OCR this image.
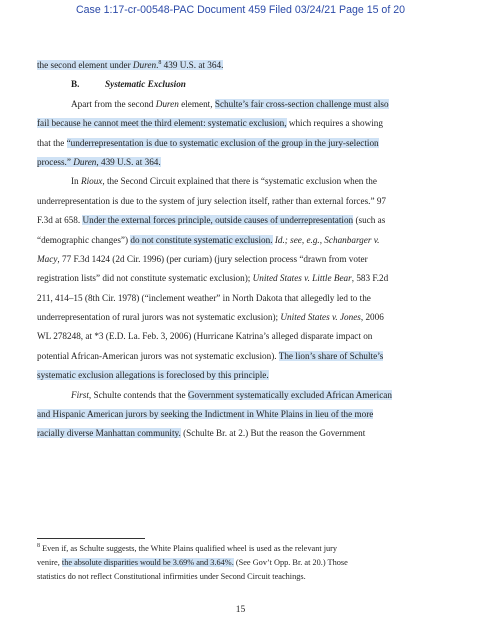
Case 1:17-cr-00548-PAC Document 459 Filed 03/24/21 Page 15 of 20
the second element under Duren.$^8$ 439 U.S. at 364.
B.	Systematic Exclusion
Apart from the second Duren element, Schulte’s fair cross-section challenge must also
fail because he cannot meet the third element: systematic exclusion, which requires a showing
that the “underrepresentation is due to systematic exclusion of the group in the jury-selection
process.” Duren, 439 U.S. at 364.
In Rioux, the Second Circuit explained that there is “systematic exclusion when the
underrepresentation is due to the system of jury selection itself, rather than external forces.” 97
F.3d at 658. Under the external forces principle, outside causes of underrepresentation (such as
“demographic changes”) do not constitute systematic exclusion. Id.; see, e.g., Schanbarger v.
Macy, 77 F.3d 1424 (2d Cir. 1996) (per curiam) (jury selection process “drawn from voter
registration lists” did not constitute systematic exclusion); United States v. Little Bear, 583 F.2d
211, 414–15 (8th Cir. 1978) (“inclement weather” in North Dakota that allegedly led to the
underrepresentation of rural jurors was not systematic exclusion); United States v. Jones, 2006
WL 278248, at *3 (E.D. La. Feb. 3, 2006) (Hurricane Katrina’s alleged disparate impact on
potential African-American jurors was not systematic exclusion). The lion’s share of Schulte’s
systematic exclusion allegations is foreclosed by this principle.
First, Schulte contends that the Government systematically excluded African American
and Hispanic American jurors by seeking the Indictment in White Plains in lieu of the more
racially diverse Manhattan community. (Schulte Br. at 2.) But the reason the Government
$^8$ Even if, as Schulte suggests, the White Plains qualified wheel is used as the relevant jury
venire, the absolute disparities would be 3.69% and 3.64%. (See Gov’t Opp. Br. at 20.) Those
statistics do not reflect Constitutional infirmities under Second Circuit teachings.
15
